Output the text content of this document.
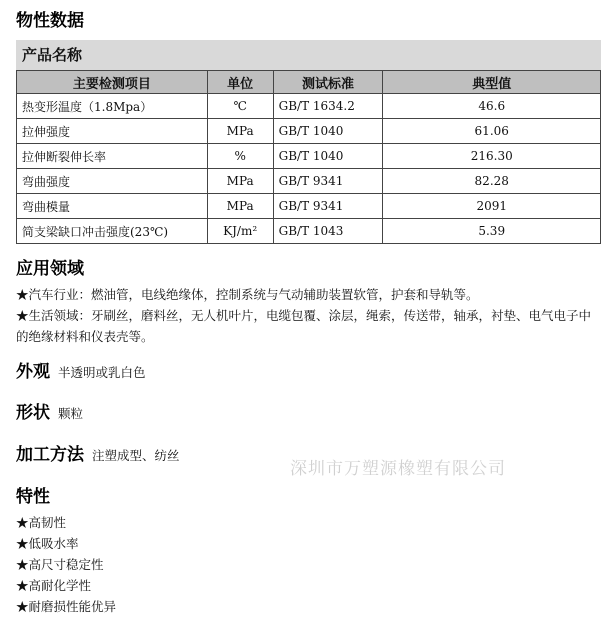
物性数据
产品名称
主要检测项目	单位	测试标准	典型值
热变形温度（1.8Mpa）	℃	GB/T 1634.2	46.6
拉伸强度	MPa	GB/T 1040	61.06
拉伸断裂伸长率	%	GB/T 1040	216.30
弯曲强度	MPa	GB/T 9341	82.28
弯曲模量	MPa	GB/T 9341	2091
简支梁缺口冲击强度(23℃)	KJ/m²	GB/T 1043	5.39
应用领域
★汽车行业：燃油管，电线绝缘体，控制系统与气动辅助装置软管，护套和导轨等。
★生活领域：牙刷丝，磨料丝，无人机叶片，电缆包覆、涂层，绳索，传送带，轴承，衬垫、电气电子中的绝缘材料和仪表壳等。
外观 半透明或乳白色
形状 颗粒
加工方法 注塑成型、纺丝
特性
★高韧性
★低吸水率
★高尺寸稳定性
★高耐化学性
★耐磨损性能优异
深圳市万塑源橡塑有限公司
